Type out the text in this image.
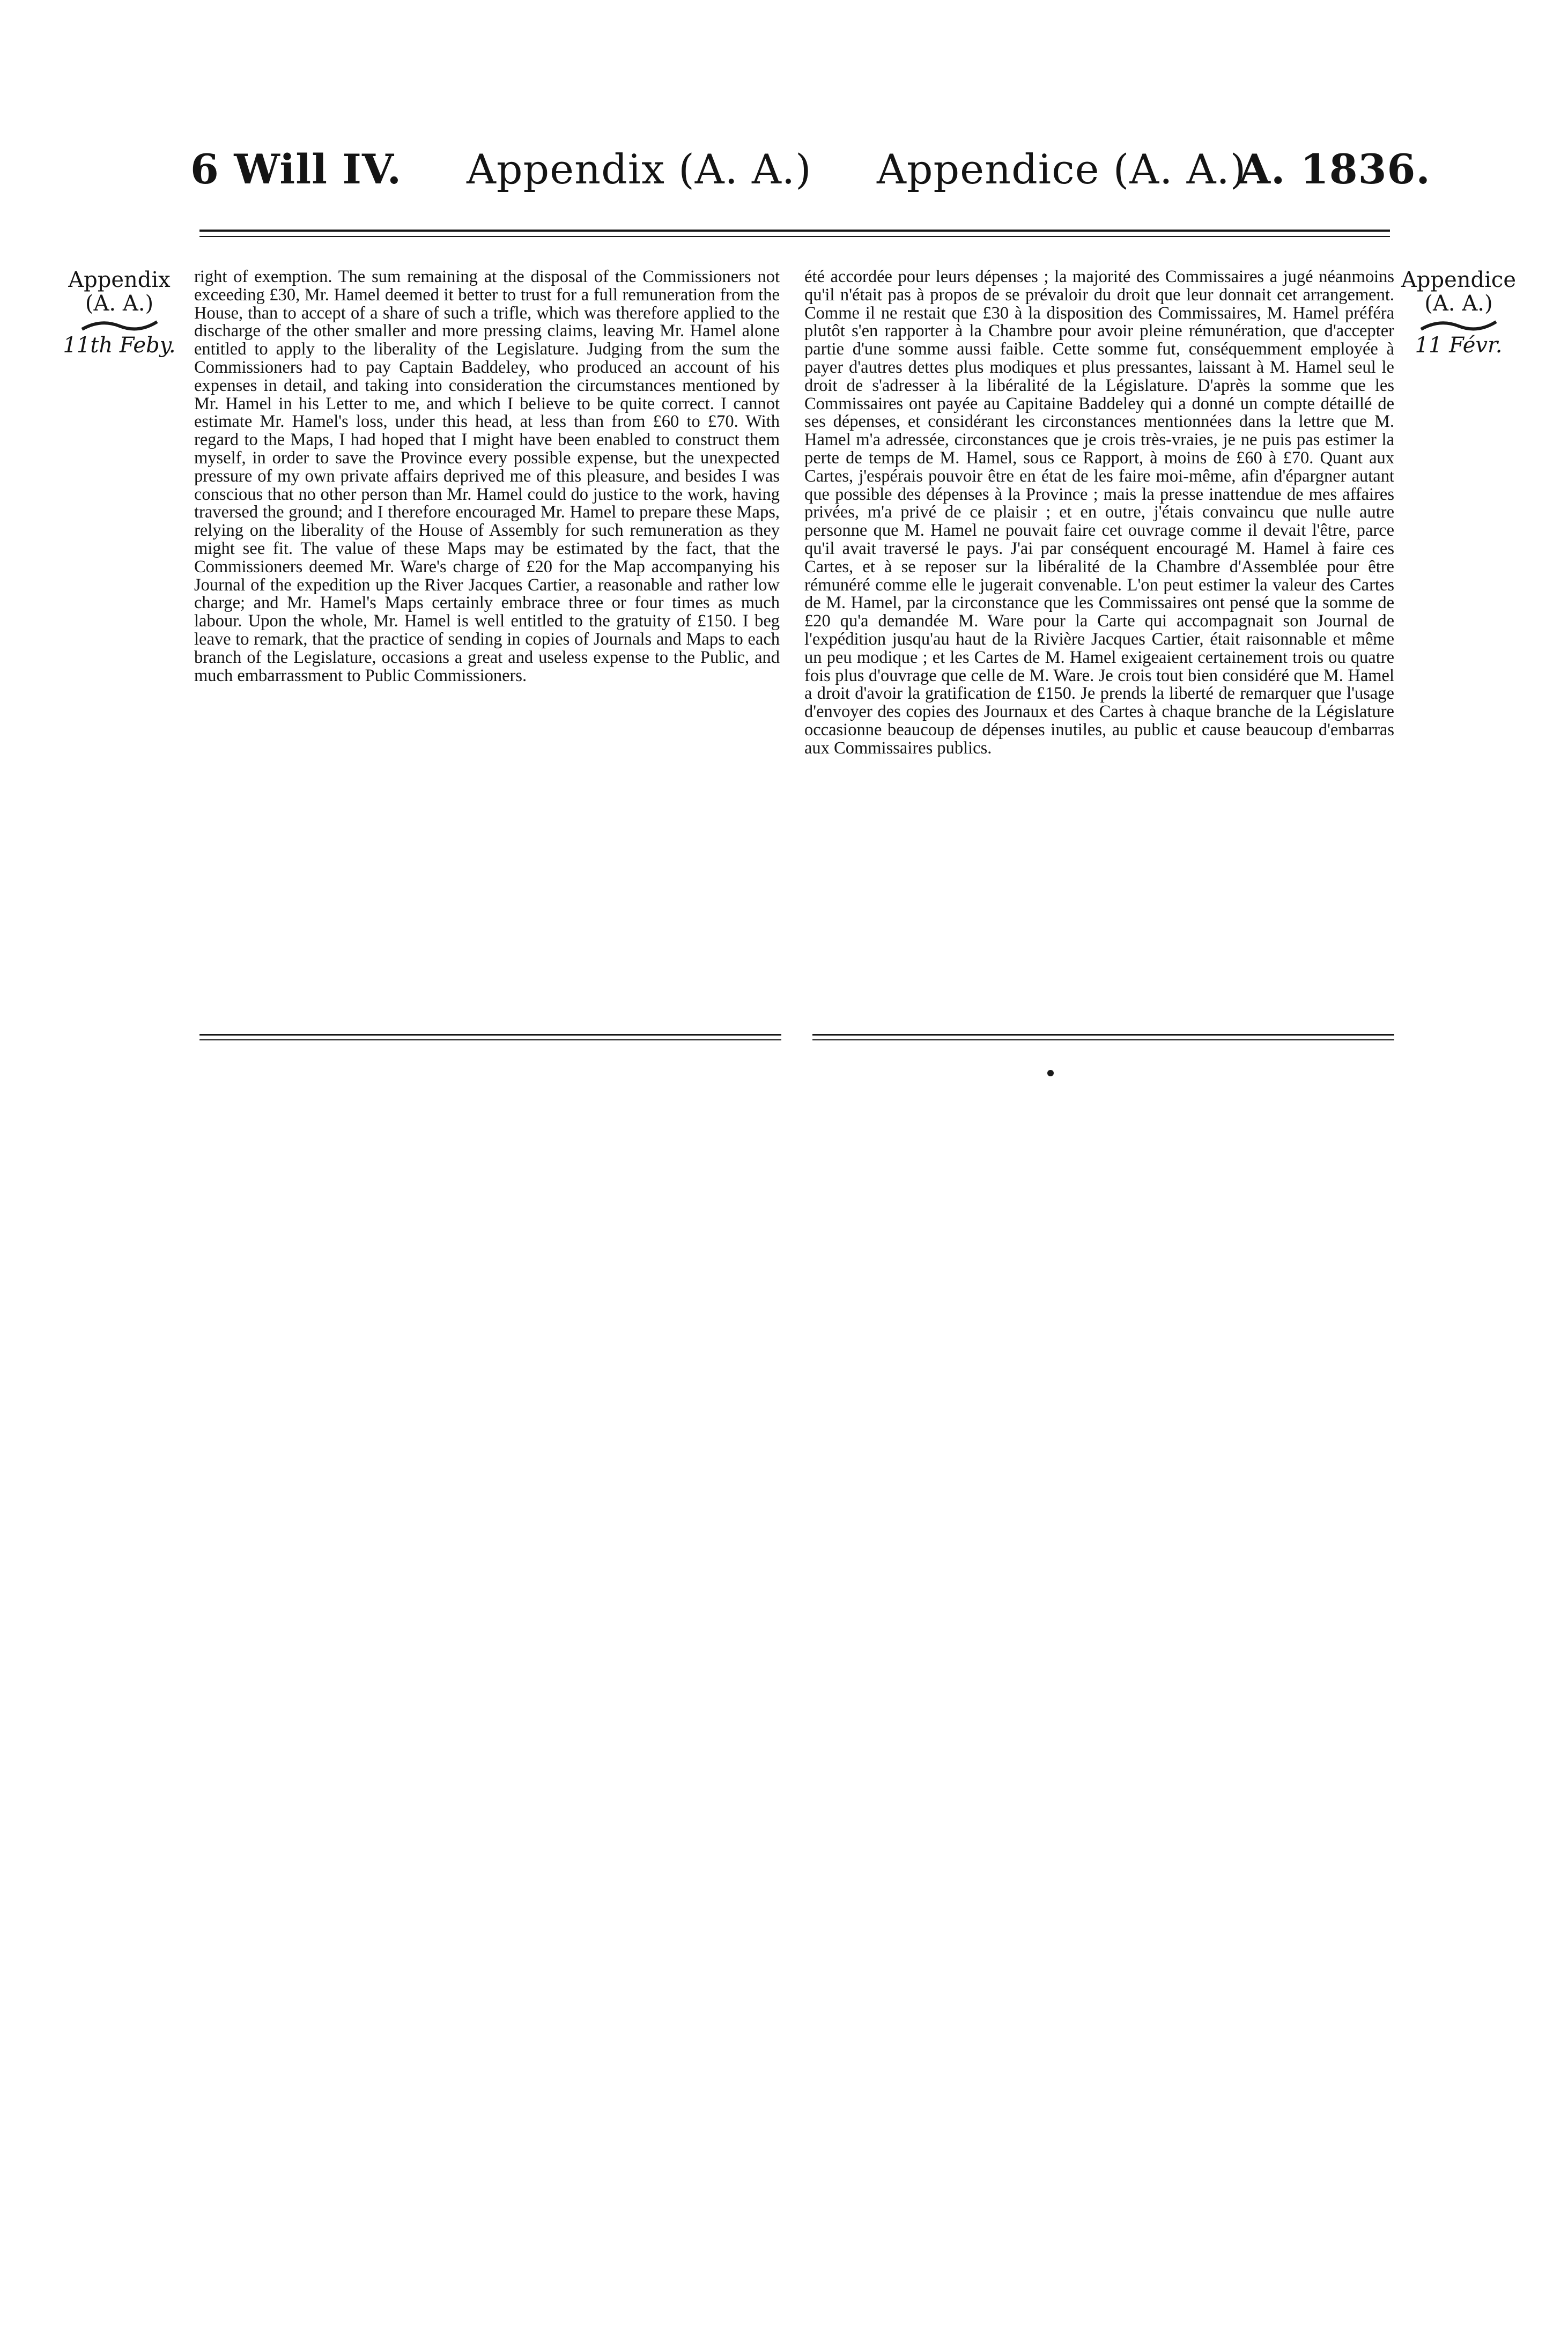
6 Will IV. Appendix (A. A.) Appendice (A. A.)
A. 1836.
Appendix
(A. A.)
11th Feby.

right of exemption. The sum remaining at the disposal of the Commissioners not exceeding £30, Mr. Hamel deemed it better to trust for a full remuneration from the House, than to accept of a share of such a trifle, which was therefore applied to the discharge of the other smaller and more pressing claims, leaving Mr. Hamel alone entitled to apply to the liberality of the Legislature. Judging from the sum the Commissioners had to pay Captain Baddeley, who produced an account of his expenses in detail, and taking into consideration the circumstances mentioned by Mr. Hamel in his Letter to me, and which I believe to be quite correct. I cannot estimate Mr. Hamel's loss, under this head, at less than from £60 to £70. With regard to the Maps, I had hoped that I might have been enabled to construct them myself, in order to save the Province every possible expense, but the unexpected pressure of my own private affairs deprived me of this pleasure, and besides I was conscious that no other person than Mr. Hamel could do justice to the work, having traversed the ground; and I therefore encouraged Mr. Hamel to prepare these Maps, relying on the liberality of the House of Assembly for such remuneration as they might see fit. The value of these Maps may be estimated by the fact, that the Commissioners deemed Mr. Ware's charge of £20 for the Map accompanying his Journal of the expedition up the River Jacques Cartier, a reasonable and rather low charge; and Mr. Hamel's Maps certainly embrace three or four times as much labour. Upon the whole, Mr. Hamel is well entitled to the gratuity of £150. I beg leave to remark, that the practice of sending in copies of Journals and Maps to each branch of the Legislature, occasions a great and useless expense to the Public, and much embarrassment to Public Commissioners.

été accordée pour leurs dépenses ; la majorité des Commissaires a jugé néanmoins qu'il n'était pas à propos de se prévaloir du droit que leur donnait cet arrangement. Comme il ne restait que £30 à la disposition des Commissaires, M. Hamel préféra plutôt s'en rapporter à la Chambre pour avoir pleine rémunération, que d'accepter partie d'une somme aussi faible. Cette somme fut, conséquemment employée à payer d'autres dettes plus modiques et plus pressantes, laissant à M. Hamel seul le droit de s'adresser à la libéralité de la Législature. D'après la somme que les Commissaires ont payée au Capitaine Baddeley qui a donné un compte détaillé de ses dépenses, et considérant les circonstances mentionnées dans la lettre que M. Hamel m'a adressée, circonstances que je crois très-vraies, je ne puis pas estimer la perte de temps de M. Hamel, sous ce Rapport, à moins de £60 à £70. Quant aux Cartes, j'espérais pouvoir être en état de les faire moi-même, afin d'épargner autant que possible des dépenses à la Province ; mais la presse inattendue de mes affaires privées, m'a privé de ce plaisir ; et en outre, j'étais convaincu que nulle autre personne que M. Hamel ne pouvait faire cet ouvrage comme il devait l'être, parce qu'il avait traversé le pays. J'ai par conséquent encouragé M. Hamel à faire ces Cartes, et à se reposer sur la libéralité de la Chambre d'Assemblée pour être rémunéré comme elle le jugerait convenable. L'on peut estimer la valeur des Cartes de M. Hamel, par la circonstance que les Commissaires ont pensé que la somme de £20 qu'a demandée M. Ware pour la Carte qui accompagnait son Journal de l'expédition jusqu'au haut de la Rivière Jacques Cartier, était raisonnable et même un peu modique ; et les Cartes de M. Hamel exigeaient certainement trois ou quatre fois plus d'ouvrage que celle de M. Ware. Je crois tout bien considéré que M. Hamel a droit d'avoir la gratification de £150. Je prends la liberté de remarquer que l'usage d'envoyer des copies des Journaux et des Cartes à chaque branche de la Législature occasionne beaucoup de dépenses inutiles, au public et cause beaucoup d'embarras aux Commissaires publics.

Appendice
(A. A.)
11 Févr.
